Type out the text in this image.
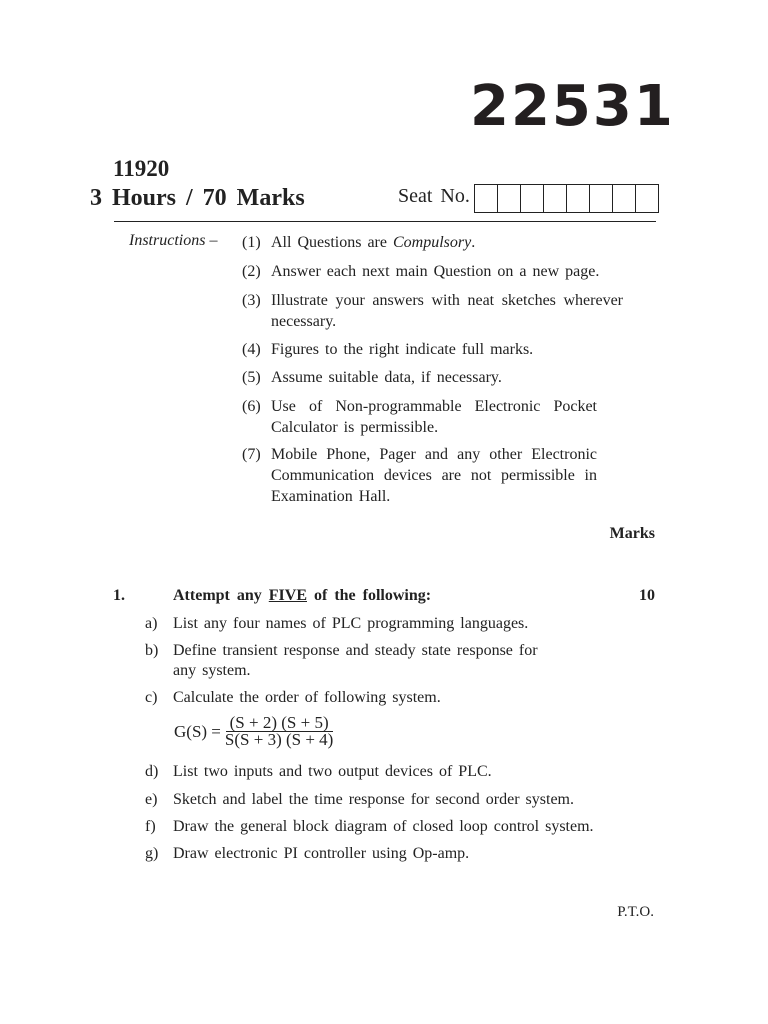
22531
11920
3 Hours / 70 Marks	Seat No.
Instructions – (1) All Questions are Compulsory.
(2) Answer each next main Question on a new page.
(3) Illustrate your answers with neat sketches wherever necessary.
(4) Figures to the right indicate full marks.
(5) Assume suitable data, if necessary.
(6) Use of Non-programmable Electronic Pocket Calculator is permissible.
(7) Mobile Phone, Pager and any other Electronic Communication devices are not permissible in Examination Hall.
Marks
1.	Attempt any FIVE of the following:	10
a) List any four names of PLC programming languages.
b) Define transient response and steady state response for any system.
c) Calculate the order of following system.
$G(S) = \frac{(S + 2) (S + 5)}{S(S + 3) (S + 4)}$
d) List two inputs and two output devices of PLC.
e) Sketch and label the time response for second order system.
f) Draw the general block diagram of closed loop control system.
g) Draw electronic PI controller using Op-amp.
P.T.O.
